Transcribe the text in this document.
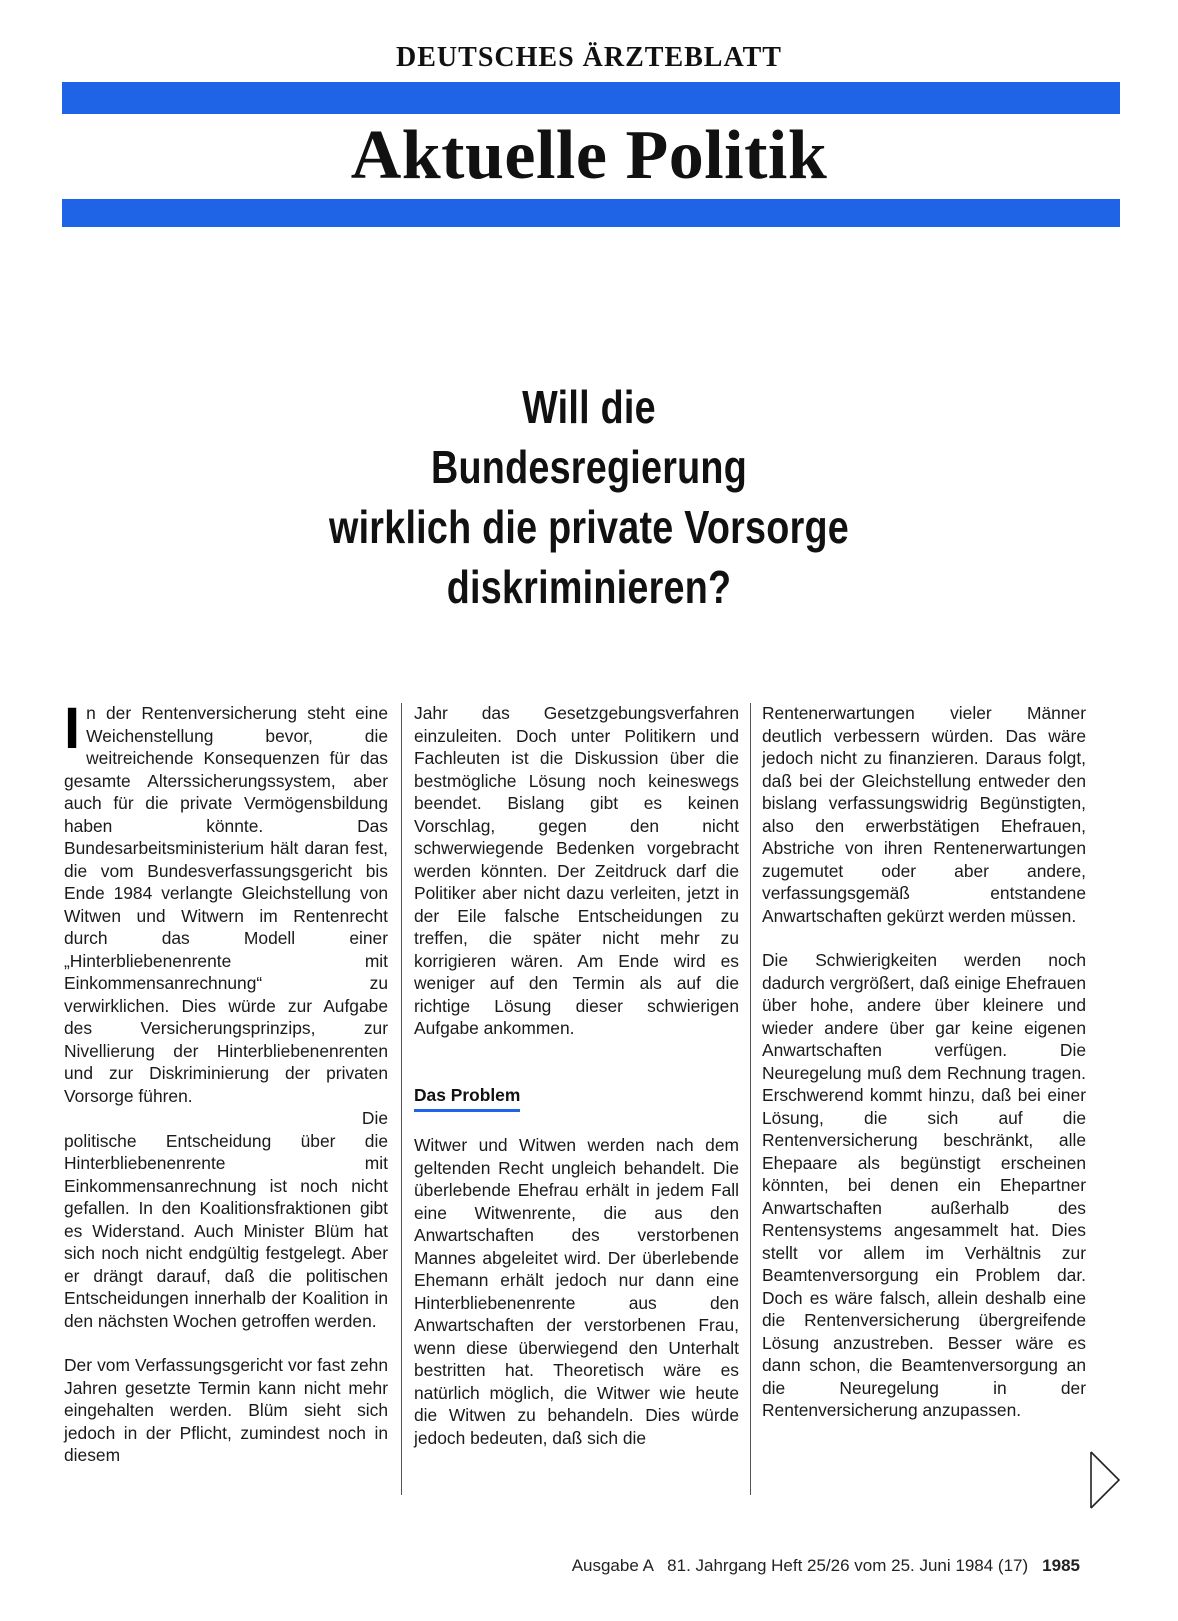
DEUTSCHES ÄRZTEBLATT
Aktuelle Politik
Will die
Bundesregierung
wirklich die private Vorsorge
diskriminieren?

In der Rentenversicherung steht eine Weichenstellung bevor, die weitreichende Konsequenzen für das gesamte Alterssicherungssystem, aber auch für die private Vermögensbildung haben könnte. Das Bundesarbeitsministerium hält daran fest, die vom Bundesverfassungsgericht bis Ende 1984 verlangte Gleichstellung von Witwen und Witwern im Rentenrecht durch das Modell einer „Hinterbliebenenrente mit Einkommensanrechnung“ zu verwirklichen. Dies würde zur Aufgabe des Versicherungsprinzips, zur Nivellierung der Hinterbliebenenrenten und zur Diskriminierung der privaten Vorsorge führen.

Die
politische Entscheidung über die Hinterbliebenenrente mit Einkommensanrechnung ist noch nicht gefallen. In den Koalitionsfraktionen gibt es Widerstand. Auch Minister Blüm hat sich noch nicht endgültig festgelegt. Aber er drängt darauf, daß die politischen Entscheidungen innerhalb der Koalition in den nächsten Wochen getroffen werden.

Der vom Verfassungsgericht vor fast zehn Jahren gesetzte Termin kann nicht mehr eingehalten werden. Blüm sieht sich jedoch in der Pflicht, zumindest noch in diesem

Jahr das Gesetzgebungsverfahren einzuleiten. Doch unter Politikern und Fachleuten ist die Diskussion über die bestmögliche Lösung noch keineswegs beendet. Bislang gibt es keinen Vorschlag, gegen den nicht schwerwiegende Bedenken vorgebracht werden könnten. Der Zeitdruck darf die Politiker aber nicht dazu verleiten, jetzt in der Eile falsche Entscheidungen zu treffen, die später nicht mehr zu korrigieren wären. Am Ende wird es weniger auf den Termin als auf die richtige Lösung dieser schwierigen Aufgabe ankommen.

Das Problem

Witwer und Witwen werden nach dem geltenden Recht ungleich behandelt. Die überlebende Ehefrau erhält in jedem Fall eine Witwenrente, die aus den Anwartschaften des verstorbenen Mannes abgeleitet wird. Der überlebende Ehemann erhält jedoch nur dann eine Hinterbliebenenrente aus den Anwartschaften der verstorbenen Frau, wenn diese überwiegend den Unterhalt bestritten hat. Theoretisch wäre es natürlich möglich, die Witwer wie heute die Witwen zu behandeln. Dies würde jedoch bedeuten, daß sich die

Rentenerwartungen vieler Männer deutlich verbessern würden. Das wäre jedoch nicht zu finanzieren. Daraus folgt, daß bei der Gleichstellung entweder den bislang verfassungswidrig Begünstigten, also den erwerbstätigen Ehefrauen, Abstriche von ihren Rentenerwartungen zugemutet oder aber andere, verfassungsgemäß entstandene Anwartschaften gekürzt werden müssen.

Die Schwierigkeiten werden noch dadurch vergrößert, daß einige Ehefrauen über hohe, andere über kleinere und wieder andere über gar keine eigenen Anwartschaften verfügen. Die Neuregelung muß dem Rechnung tragen. Erschwerend kommt hinzu, daß bei einer Lösung, die sich auf die Rentenversicherung beschränkt, alle Ehepaare als begünstigt erscheinen könnten, bei denen ein Ehepartner Anwartschaften außerhalb des Rentensystems angesammelt hat. Dies stellt vor allem im Verhältnis zur Beamtenversorgung ein Problem dar. Doch es wäre falsch, allein deshalb eine die Rentenversicherung übergreifende Lösung anzustreben. Besser wäre es dann schon, die Beamtenversorgung an die Neuregelung in der Rentenversicherung anzupassen.

Ausgabe A   81. Jahrgang Heft 25/26 vom 25. Juni 1984 (17) 1985
